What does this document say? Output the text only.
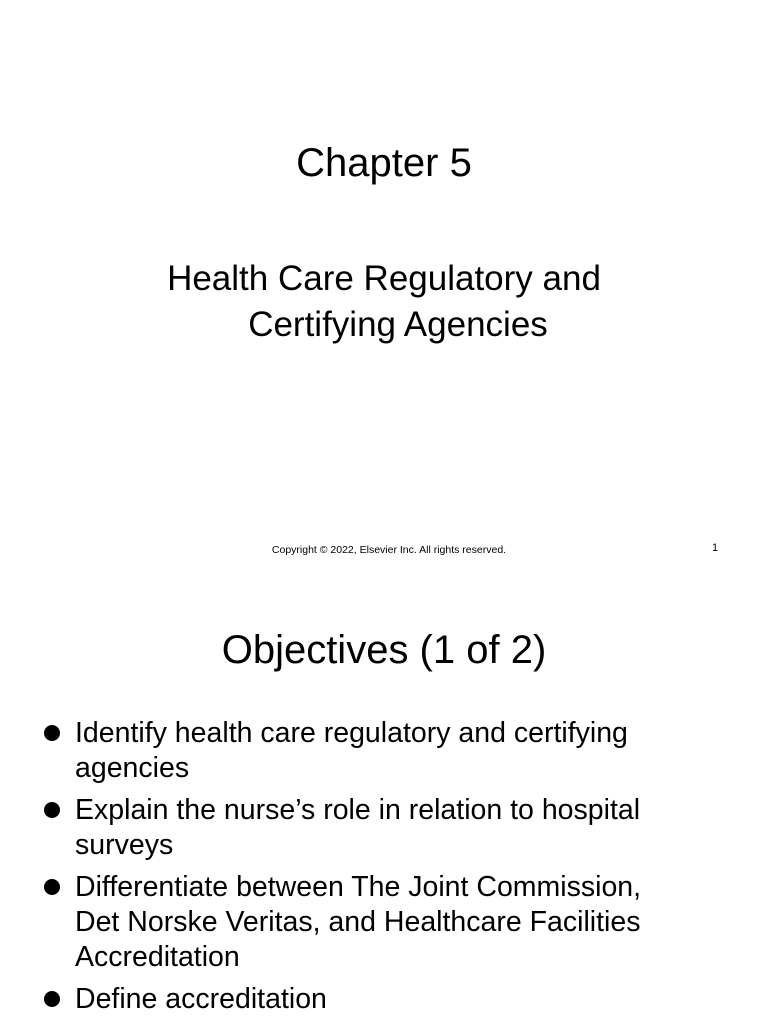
Chapter 5
Health Care Regulatory and
Certifying Agencies
Copyright © 2022, Elsevier Inc. All rights reserved.	1
Objectives (1 of 2)
Identify health care regulatory and certifying agencies
Explain the nurse’s role in relation to hospital surveys
Differentiate between The Joint Commission, Det Norske Veritas, and Healthcare Facilities Accreditation
Define accreditation
